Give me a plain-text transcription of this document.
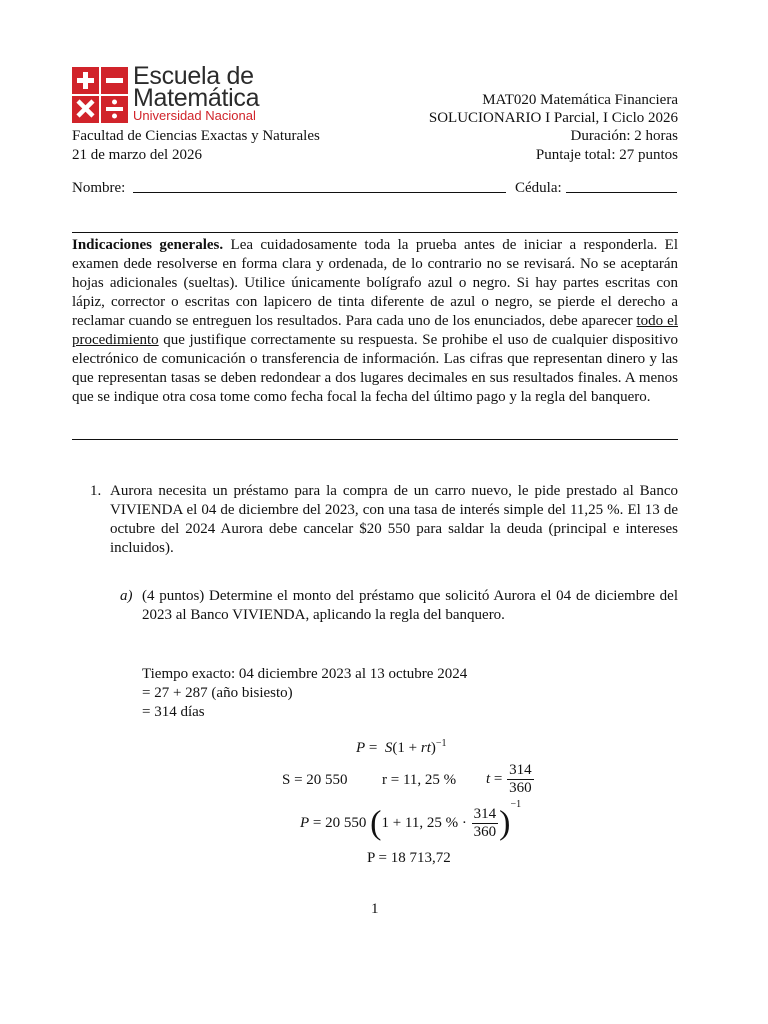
Escuela de
Matemática
Universidad Nacional
Facultad de Ciencias Exactas y Naturales
21 de marzo del 2026
MAT020 Matemática Financiera
SOLUCIONARIO I Parcial, I Ciclo 2026
Duración: 2 horas
Puntaje total: 27 puntos
Nombre:	Cédula:
Indicaciones generales. Lea cuidadosamente toda la prueba antes de iniciar a responderla. El examen dede resolverse en forma clara y ordenada, de lo contrario no se revisará. No se aceptarán hojas adicionales (sueltas). Utilice únicamente bolígrafo azul o negro. Si hay partes escritas con lápiz, corrector o escritas con lapicero de tinta diferente de azul o negro, se pierde el derecho a reclamar cuando se entreguen los resultados. Para cada uno de los enunciados, debe aparecer todo el procedimiento que justifique correctamente su respuesta. Se prohibe el uso de cualquier dispositivo electrónico de comunicación o transferencia de información. Las cifras que representan dinero y las que representan tasas se deben redondear a dos lugares decimales en sus resultados finales. A menos que se indique otra cosa tome como fecha focal la fecha del último pago y la regla del banquero.
1. Aurora necesita un préstamo para la compra de un carro nuevo, le pide prestado al Banco VIVIENDA el 04 de diciembre del 2023, con una tasa de interés simple del 11,25 %. El 13 de octubre del 2024 Aurora debe cancelar $20 550 para saldar la deuda (principal e intereses incluidos).
a) (4 puntos) Determine el monto del préstamo que solicitó Aurora el 04 de diciembre del 2023 al Banco VIVIENDA, aplicando la regla del banquero.
Tiempo exacto: 04 diciembre 2023 al 13 octubre 2024
= 27 + 287 (año bisiesto)
= 314 días
P =  S(1 + rt)$^{-1}$
S = 20 550 r = 11, 25 % $t = \frac{314}{360}$
P = 20 550 (1 + 11, 25 % · $\frac{314}{360} )^{-1}$
P = 18 713,72
1
